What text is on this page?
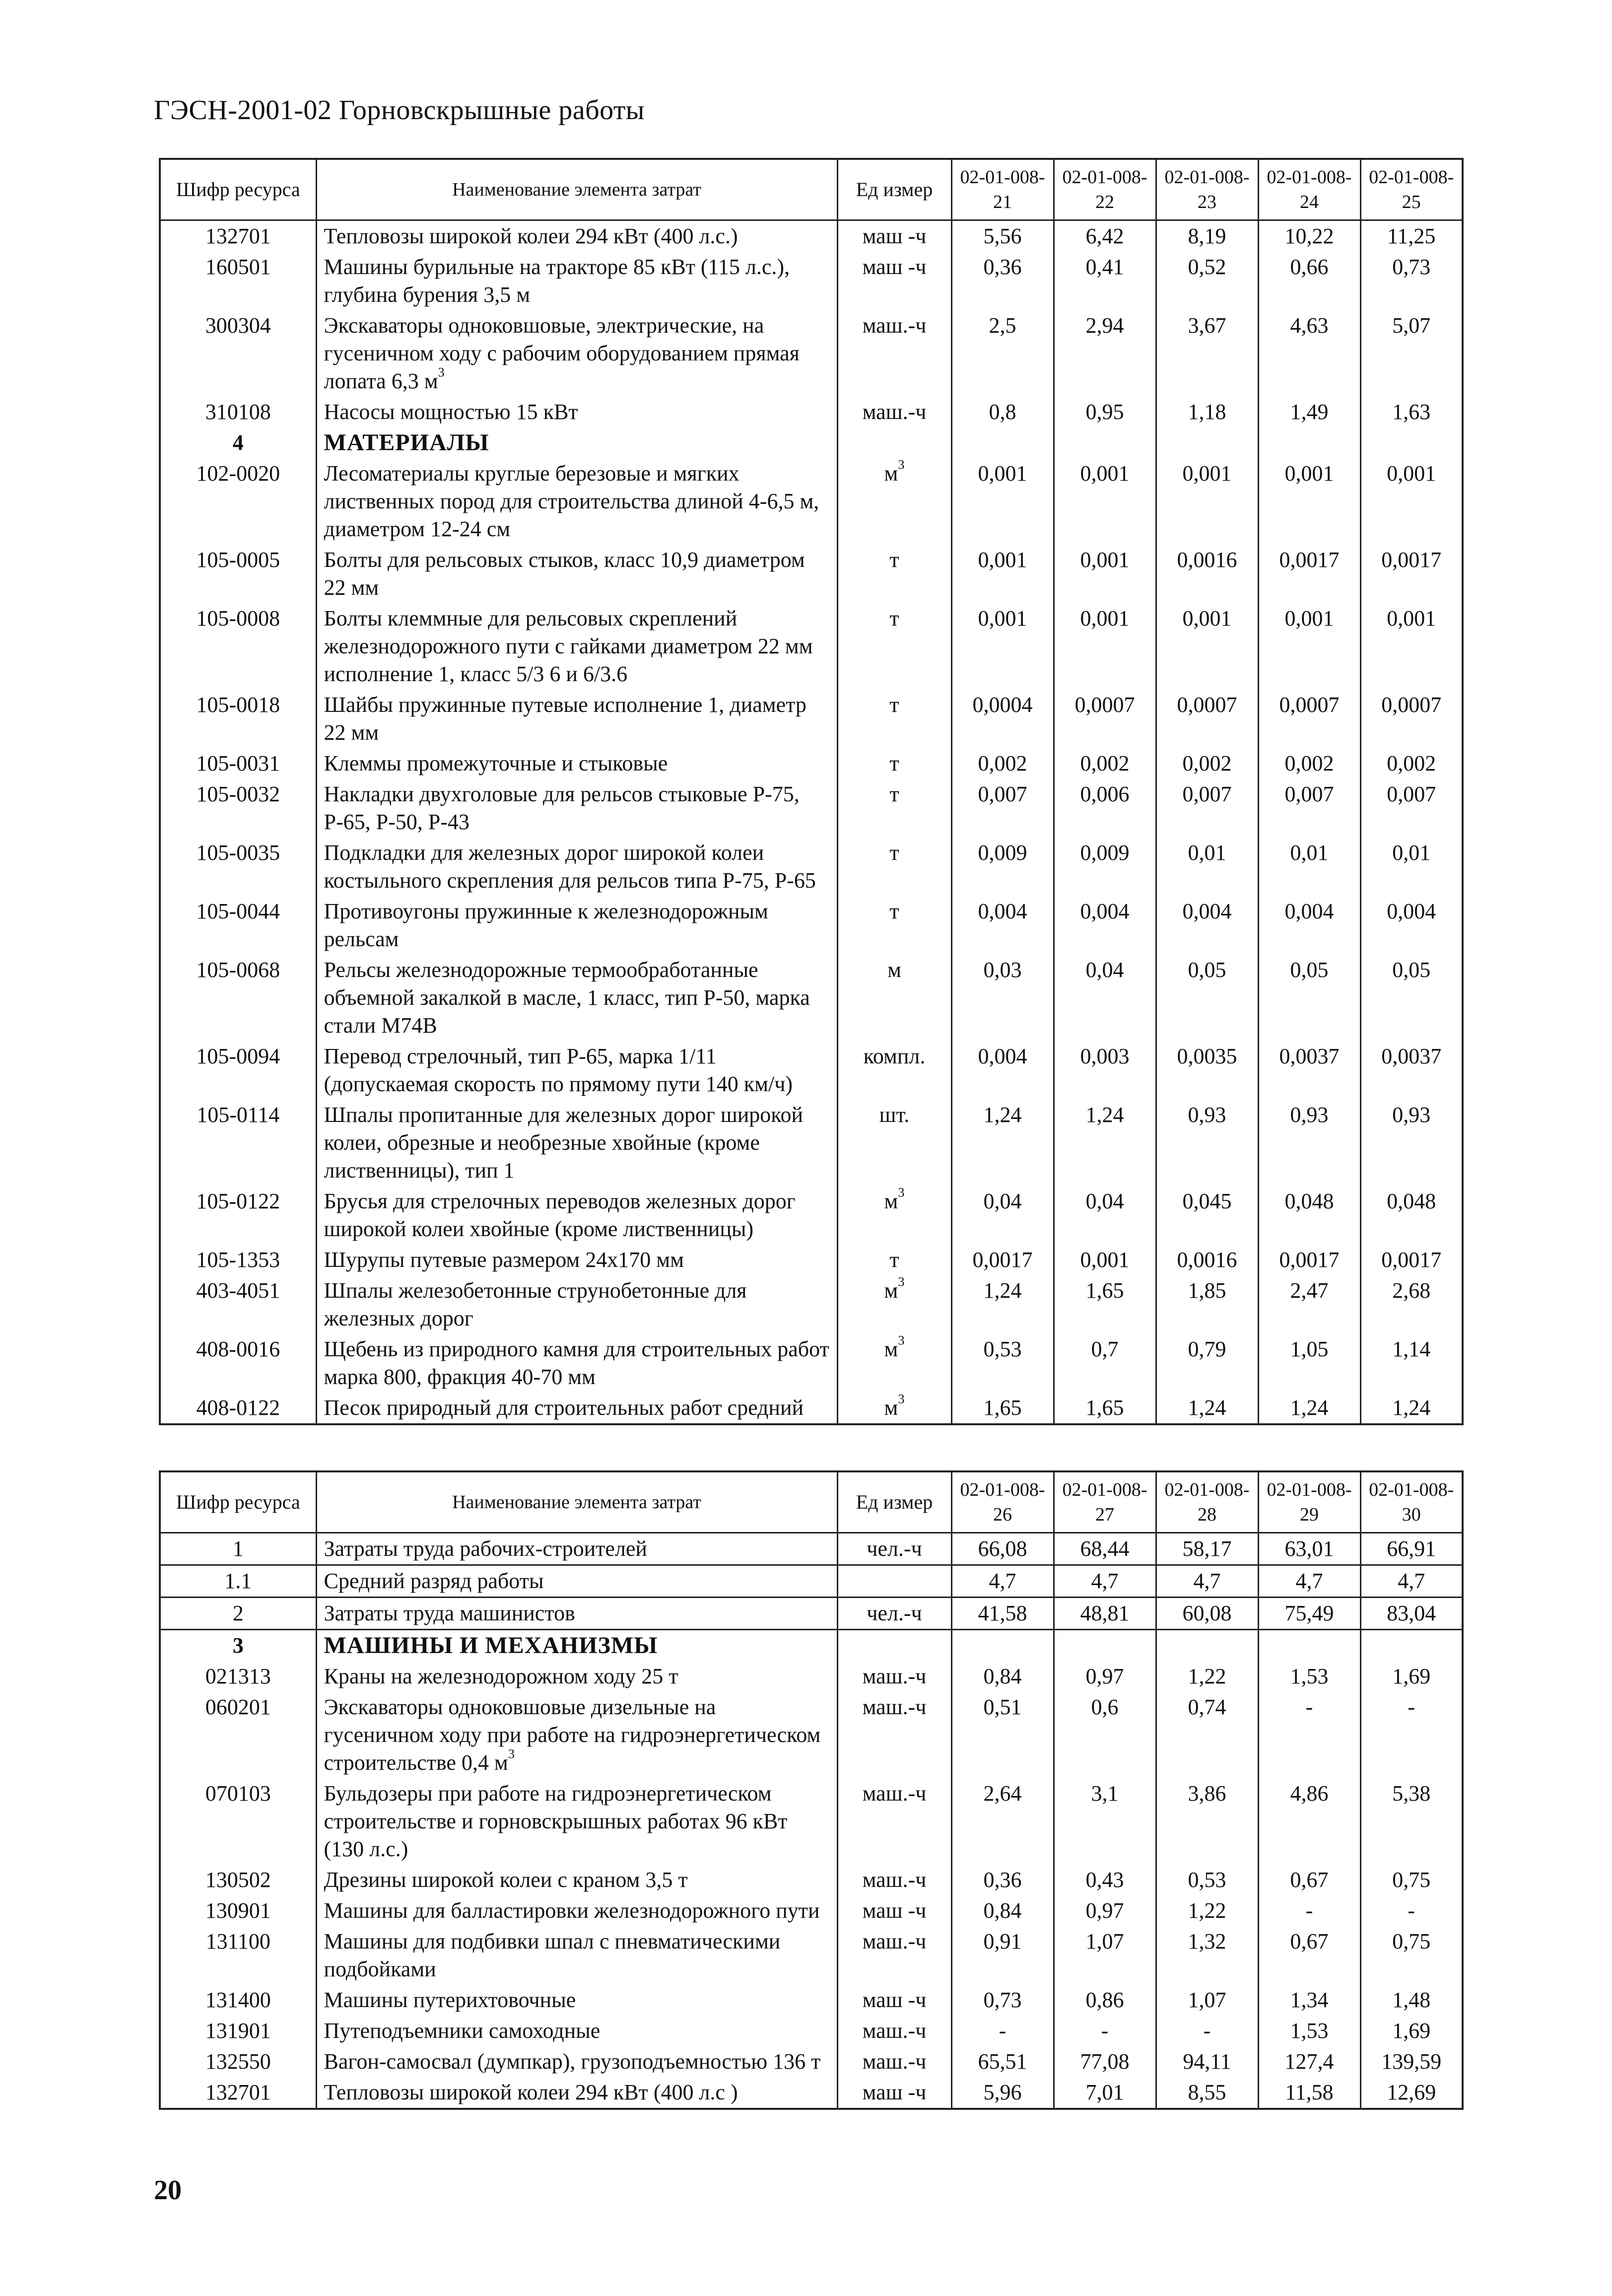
ГЭСН-2001-02 Горновскрышные работы
Шифр ресурса	Наименование элемента затрат	Ед измер	02-01-008-21	02-01-008-22	02-01-008-23	02-01-008-24	02-01-008-25
132701	Тепловозы широкой колеи 294 кВт (400 л.с.)	маш -ч	5,56	6,42	8,19	10,22	11,25
160501	Машины бурильные на тракторе 85 кВт (115 л.с.), глубина бурения 3,5 м	маш -ч	0,36	0,41	0,52	0,66	0,73
300304	Экскаваторы одноковшовые, электрические, на гусеничном ходу с рабочим оборудованием прямая лопата 6,3 $м^3$	маш.-ч	2,5	2,94	3,67	4,63	5,07
310108	Насосы мощностью 15 кВт	маш.-ч	0,8	0,95	1,18	1,49	1,63
4	МАТЕРИАЛЫ						
102-0020	Лесоматериалы круглые березовые и мягких лиственных пород для строительства длиной 4-6,5 м, диаметром 12-24 см	$м^3$	0,001	0,001	0,001	0,001	0,001
105-0005	Болты для рельсовых стыков, класс 10,9 диаметром 22 мм	т	0,001	0,001	0,0016	0,0017	0,0017
105-0008	Болты клеммные для рельсовых скреплений железнодорожного пути с гайками диаметром 22 мм исполнение 1, класс 5/3 6 и 6/3.6	т	0,001	0,001	0,001	0,001	0,001
105-0018	Шайбы пружинные путевые исполнение 1, диаметр 22 мм	т	0,0004	0,0007	0,0007	0,0007	0,0007
105-0031	Клеммы промежуточные и стыковые	т	0,002	0,002	0,002	0,002	0,002
105-0032	Накладки двухголовые для рельсов стыковые Р-75, Р-65, Р-50, Р-43	т	0,007	0,006	0,007	0,007	0,007
105-0035	Подкладки для железных дорог широкой колеи костыльного скрепления для рельсов типа Р-75, Р-65	т	0,009	0,009	0,01	0,01	0,01
105-0044	Противоугоны пружинные к железнодорожным рельсам	т	0,004	0,004	0,004	0,004	0,004
105-0068	Рельсы железнодорожные термообработанные объемной закалкой в масле, 1 класс, тип Р-50, марка стали М74В	м	0,03	0,04	0,05	0,05	0,05
105-0094	Перевод стрелочный, тип Р-65, марка 1/11 (допускаемая скорость по прямому пути 140 км/ч)	компл.	0,004	0,003	0,0035	0,0037	0,0037
105-0114	Шпалы пропитанные для железных дорог широкой колеи, обрезные и необрезные хвойные (кроме лиственницы), тип 1	шт.	1,24	1,24	0,93	0,93	0,93
105-0122	Брусья для стрелочных переводов железных дорог широкой колеи хвойные (кроме лиственницы)	$м^3$	0,04	0,04	0,045	0,048	0,048
105-1353	Шурупы путевые размером 24х170 мм	т	0,0017	0,001	0,0016	0,0017	0,0017
403-4051	Шпалы железобетонные струнобетонные для железных дорог	$м^3$	1,24	1,65	1,85	2,47	2,68
408-0016	Щебень из природного камня для строительных работ марка 800, фракция 40-70 мм	$м^3$	0,53	0,7	0,79	1,05	1,14
408-0122	Песок природный для строительных работ средний	$м^3$	1,65	1,65	1,24	1,24	1,24
Шифр ресурса	Наименование элемента затрат	Ед измер	02-01-008-26	02-01-008-27	02-01-008-28	02-01-008-29	02-01-008-30
1	Затраты труда рабочих-строителей	чел.-ч	66,08	68,44	58,17	63,01	66,91
1.1	Средний разряд работы		4,7	4,7	4,7	4,7	4,7
2	Затраты труда машинистов	чел.-ч	41,58	48,81	60,08	75,49	83,04
3	МАШИНЫ И МЕХАНИЗМЫ						
021313	Краны на железнодорожном ходу 25 т	маш.-ч	0,84	0,97	1,22	1,53	1,69
060201	Экскаваторы одноковшовые дизельные на гусеничном ходу при работе на гидроэнергетическом строительстве 0,4 $м^3$	маш.-ч	0,51	0,6	0,74	-	-
070103	Бульдозеры при работе на гидроэнергетическом строительстве и горновскрышных работах 96 кВт (130 л.с.)	маш.-ч	2,64	3,1	3,86	4,86	5,38
130502	Дрезины широкой колеи с краном 3,5 т	маш.-ч	0,36	0,43	0,53	0,67	0,75
130901	Машины для балластировки железнодорожного пути	маш -ч	0,84	0,97	1,22	-	-
131100	Машины для подбивки шпал с пневматическими подбойками	маш.-ч	0,91	1,07	1,32	0,67	0,75
131400	Машины путерихтовочные	маш -ч	0,73	0,86	1,07	1,34	1,48
131901	Путеподъемники самоходные	маш.-ч	-	-	-	1,53	1,69
132550	Вагон-самосвал (думпкар), грузоподъемностью 136 т	маш.-ч	65,51	77,08	94,11	127,4	139,59
132701	Тепловозы широкой колеи 294 кВт (400 л.с )	маш -ч	5,96	7,01	8,55	11,58	12,69
20
